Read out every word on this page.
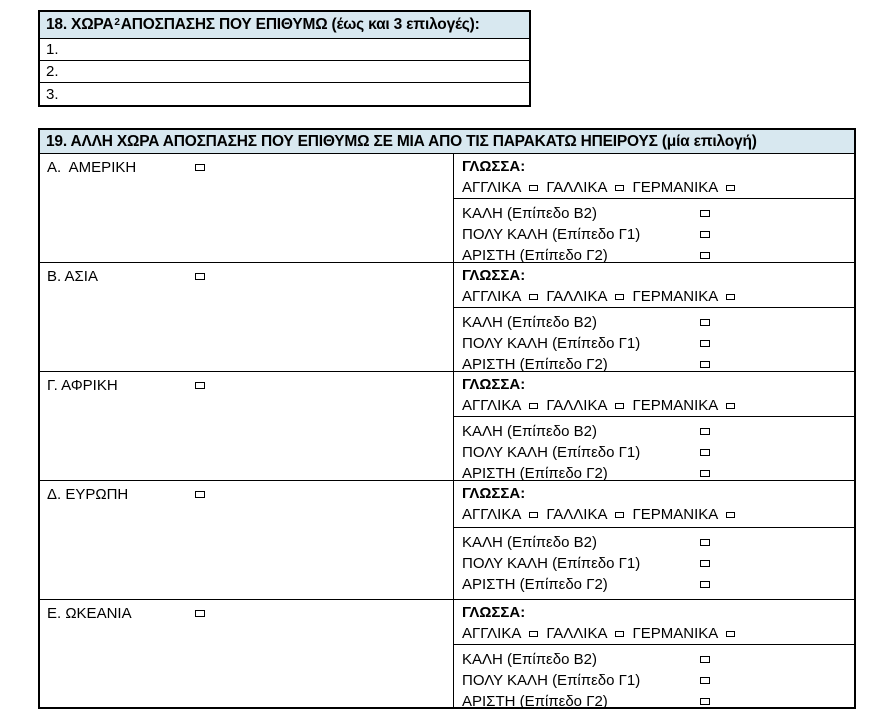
18. ΧΩΡΑ 2 ΑΠΟΣΠΑΣΗΣ ΠΟΥ ΕΠΙΘΥΜΩ (έως και 3 επιλογές):
1.
2.
3.
19. ΑΛΛΗ ΧΩΡΑ ΑΠΟΣΠΑΣΗΣ ΠΟΥ ΕΠΙΘΥΜΩ ΣΕ ΜΙΑ ΑΠΟ ΤΙΣ ΠΑΡΑΚΑΤΩ ΗΠΕΙΡΟΥΣ (μία επιλογή)
Α.  ΑΜΕΡΙΚΗ	ΓΛΩΣΣΑ:
ΑΓΓΛΙΚΑ ΓΑΛΛΙΚΑ ΓΕΡΜΑΝΙΚΑ
ΚΑΛΗ (Επίπεδο Β2)
ΠΟΛΥ ΚΑΛΗ (Επίπεδο Γ1)
ΑΡΙΣΤΗ (Επίπεδο Γ2)
Β. ΑΣΙΑ	ΓΛΩΣΣΑ:
ΑΓΓΛΙΚΑ ΓΑΛΛΙΚΑ ΓΕΡΜΑΝΙΚΑ
ΚΑΛΗ (Επίπεδο Β2)
ΠΟΛΥ ΚΑΛΗ (Επίπεδο Γ1)
ΑΡΙΣΤΗ (Επίπεδο Γ2)
Γ. ΑΦΡΙΚΗ	ΓΛΩΣΣΑ:
ΑΓΓΛΙΚΑ ΓΑΛΛΙΚΑ ΓΕΡΜΑΝΙΚΑ
ΚΑΛΗ (Επίπεδο Β2)
ΠΟΛΥ ΚΑΛΗ (Επίπεδο Γ1)
ΑΡΙΣΤΗ (Επίπεδο Γ2)
Δ. ΕΥΡΩΠΗ	ΓΛΩΣΣΑ:
ΑΓΓΛΙΚΑ ΓΑΛΛΙΚΑ ΓΕΡΜΑΝΙΚΑ
ΚΑΛΗ (Επίπεδο Β2)
ΠΟΛΥ ΚΑΛΗ (Επίπεδο Γ1)
ΑΡΙΣΤΗ (Επίπεδο Γ2)
Ε. ΩΚΕΑΝΙΑ	ΓΛΩΣΣΑ:
ΑΓΓΛΙΚΑ ΓΑΛΛΙΚΑ ΓΕΡΜΑΝΙΚΑ
ΚΑΛΗ (Επίπεδο Β2)
ΠΟΛΥ ΚΑΛΗ (Επίπεδο Γ1)
ΑΡΙΣΤΗ (Επίπεδο Γ2)
